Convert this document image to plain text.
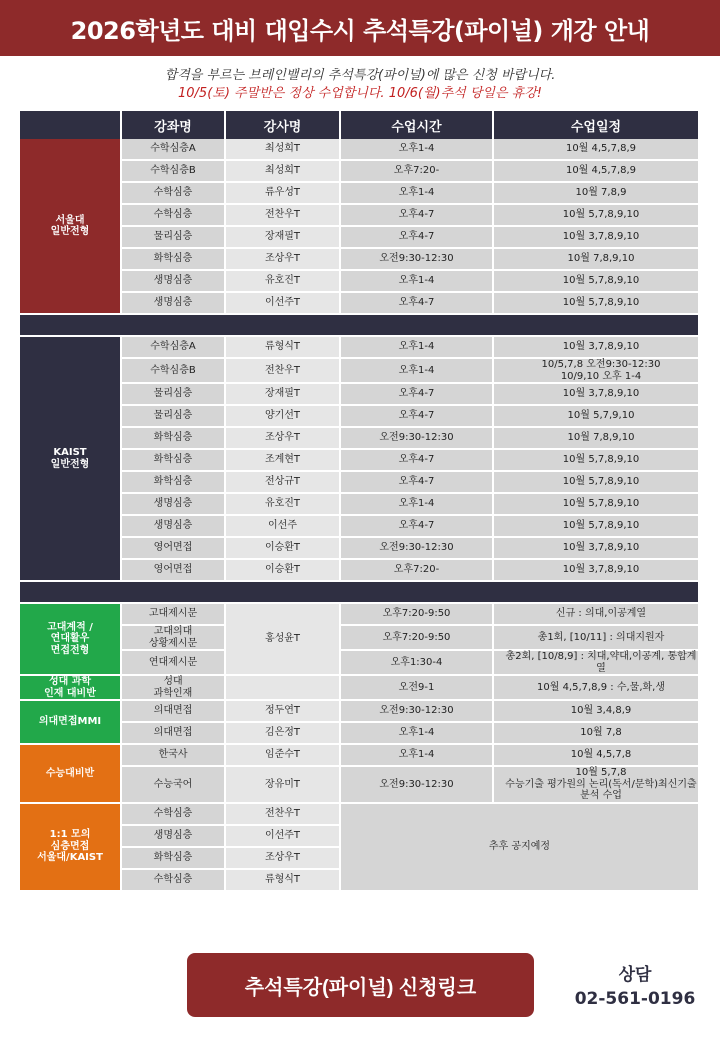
2026학년도 대비 대입수시 추석특강(파이널) 개강 안내
합격을 부르는 브레인밸리의 추석특강(파이널)에 많은 신청 바랍니다.
10/5(토) 주말반은 정상 수업합니다. 10/6(월)추석 당일은 휴강!
	강좌명	강사명	수업시간	수업일정
서울대
일반전형	수학심층A	최성희T	오후1-4	10월 4,5,7,8,9
	수학심층B	최성희T	오후7:20-	10월 4,5,7,8,9
	수학심층	류우성T	오후1-4	10월 7,8,9
	수학심층	전찬우T	오후4-7	10월 5,7,8,9,10
	물리심층	장재필T	오후4-7	10월 3,7,8,9,10
	화학심층	조상우T	오전9:30-12:30	10월 7,8,9,10
	생명심층	유호진T	오후1-4	10월 5,7,8,9,10
	생명심층	이선주T	오후4-7	10월 5,7,8,9,10

KAIST
일반전형	수학심층A	류형식T	오후1-4	10월 3,7,8,9,10
	수학심층B	전찬우T	오후1-4	10/5,7,8 오전9:30-12:30
10/9,10 오후 1-4
	물리심층	장재필T	오후4-7	10월 3,7,8,9,10
	물리심층	양기선T	오후4-7	10월 5,7,9,10
	화학심층	조상우T	오전9:30-12:30	10월 7,8,9,10
	화학심층	조계현T	오후4-7	10월 5,7,8,9,10
	화학심층	전상규T	오후4-7	10월 5,7,8,9,10
	생명심층	유호진T	오후1-4	10월 5,7,8,9,10
	생명심층	이선주	오후4-7	10월 5,7,8,9,10
	영어면접	이승환T	오전9:30-12:30	10월 3,7,8,9,10
	영어면접	이승환T	오후7:20-	10월 3,7,8,9,10

고대계적 /
연대활우
면접전형	고대제시문	홍성윤T	오후7:20-9:50	신규 : 의대,이공계열
	고대의대
상황제시문		오후7:20-9:50	총1회, [10/11] : 의대지원자
	연대제시문		오후1:30-4	총2회, [10/8,9] : 치대,약대,이공계, 통합계열
성대 과학
인재 대비반	성대
과학인재		오전9-1	10월 4,5,7,8,9 : 수,물,화,생
의대면접MMI	의대면접	정두연T	오전9:30-12:30	10월 3,4,8,9
	의대면접	김은정T	오후1-4	10월 7,8
수능대비반	한국사	임준수T	오후1-4	10월 4,5,7,8
	수능국어	장유미T	오전9:30-12:30	10월 5,7,8
수능기출 평가원의 논리(독서/문학)최신기출 분석 수업
1:1 모의
심층면접
서울대/KAIST	수학심층	전찬우T	추후 공지예정	
	생명심층	이선주T		
	화학심층	조상우T		
	수학심층	류형식T		
추석특강(파이널) 신청링크
상담
02-561-0196
